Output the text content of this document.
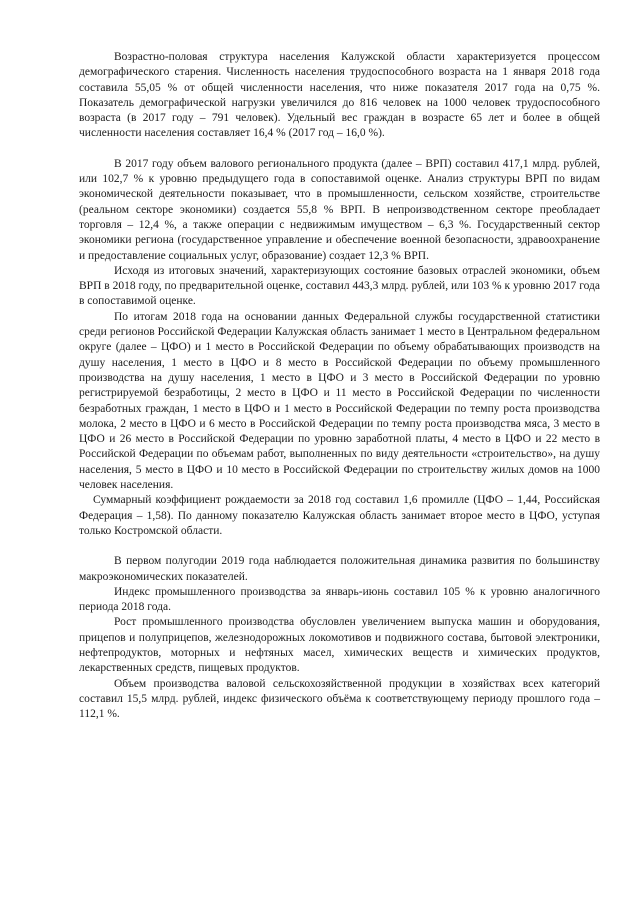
Возрастно-половая структура населения Калужской области характеризуется процессом демографического старения. Численность населения трудоспособного возраста на 1 января 2018 года составила 55,05 % от общей численности населения, что ниже показателя 2017 года на 0,75 %. Показатель демографической нагрузки увеличился до 816 человек на 1000 человек трудоспособного возраста (в 2017 году – 791 человек). Удельный вес граждан в возрасте 65 лет и более в общей численности населения составляет 16,4 % (2017 год – 16,0 %).

В 2017 году объем валового регионального продукта (далее – ВРП) составил 417,1 млрд. рублей, или 102,7 % к уровню предыдущего года в сопоставимой оценке. Анализ структуры ВРП по видам экономической деятельности показывает, что в промышленности, сельском хозяйстве, строительстве (реальном секторе экономики) создается 55,8 % ВРП. В непроизводственном секторе преобладает торговля – 12,4 %, а также операции с недвижимым имуществом – 6,3 %. Государственный сектор экономики региона (государственное управление и обеспечение военной безопасности, здравоохранение и предоставление социальных услуг, образование) создает 12,3 % ВРП.

Исходя из итоговых значений, характеризующих состояние базовых отраслей экономики, объем ВРП в 2018 году, по предварительной оценке, составил 443,3 млрд. рублей, или 103 % к уровню 2017 года в сопоставимой оценке.

По итогам 2018 года на основании данных Федеральной службы государственной статистики среди регионов Российской Федерации Калужская область занимает 1 место в Центральном федеральном округе (далее – ЦФО) и 1 место в Российской Федерации по объему обрабатывающих производств на душу населения, 1 место в ЦФО и 8 место в Российской Федерации по объему промышленного производства на душу населения, 1 место в ЦФО и 3 место в Российской Федерации по уровню регистрируемой безработицы, 2 место в ЦФО и 11 место в Российской Федерации по численности безработных граждан, 1 место в ЦФО и 1 место в Российской Федерации по темпу роста производства молока, 2 место в ЦФО и 6 место в Российской Федерации по темпу роста производства мяса, 3 место в ЦФО и 26 место в Российской Федерации по уровню заработной платы, 4 место в ЦФО и 22 место в Российской Федерации по объемам работ, выполненных по виду деятельности «строительство», на душу населения, 5 место в ЦФО и 10 место в Российской Федерации по строительству жилых домов на 1000 человек населения.

Суммарный коэффициент рождаемости за 2018 год составил 1,6 промилле (ЦФО – 1,44, Российская Федерация – 1,58). По данному показателю Калужская область занимает второе место в ЦФО, уступая только Костромской области.

В первом полугодии 2019 года наблюдается положительная динамика развития по большинству макроэкономических показателей.

Индекс промышленного производства за январь-июнь составил 105 % к уровню аналогичного периода 2018 года.

Рост промышленного производства обусловлен увеличением выпуска машин и оборудования, прицепов и полуприцепов, железнодорожных локомотивов и подвижного состава, бытовой электроники, нефтепродуктов, моторных и нефтяных масел, химических веществ и химических продуктов, лекарственных средств, пищевых продуктов.

Объем производства валовой сельскохозяйственной продукции в хозяйствах всех категорий составил 15,5 млрд. рублей, индекс физического объёма к соответствующему периоду прошлого года – 112,1 %.
